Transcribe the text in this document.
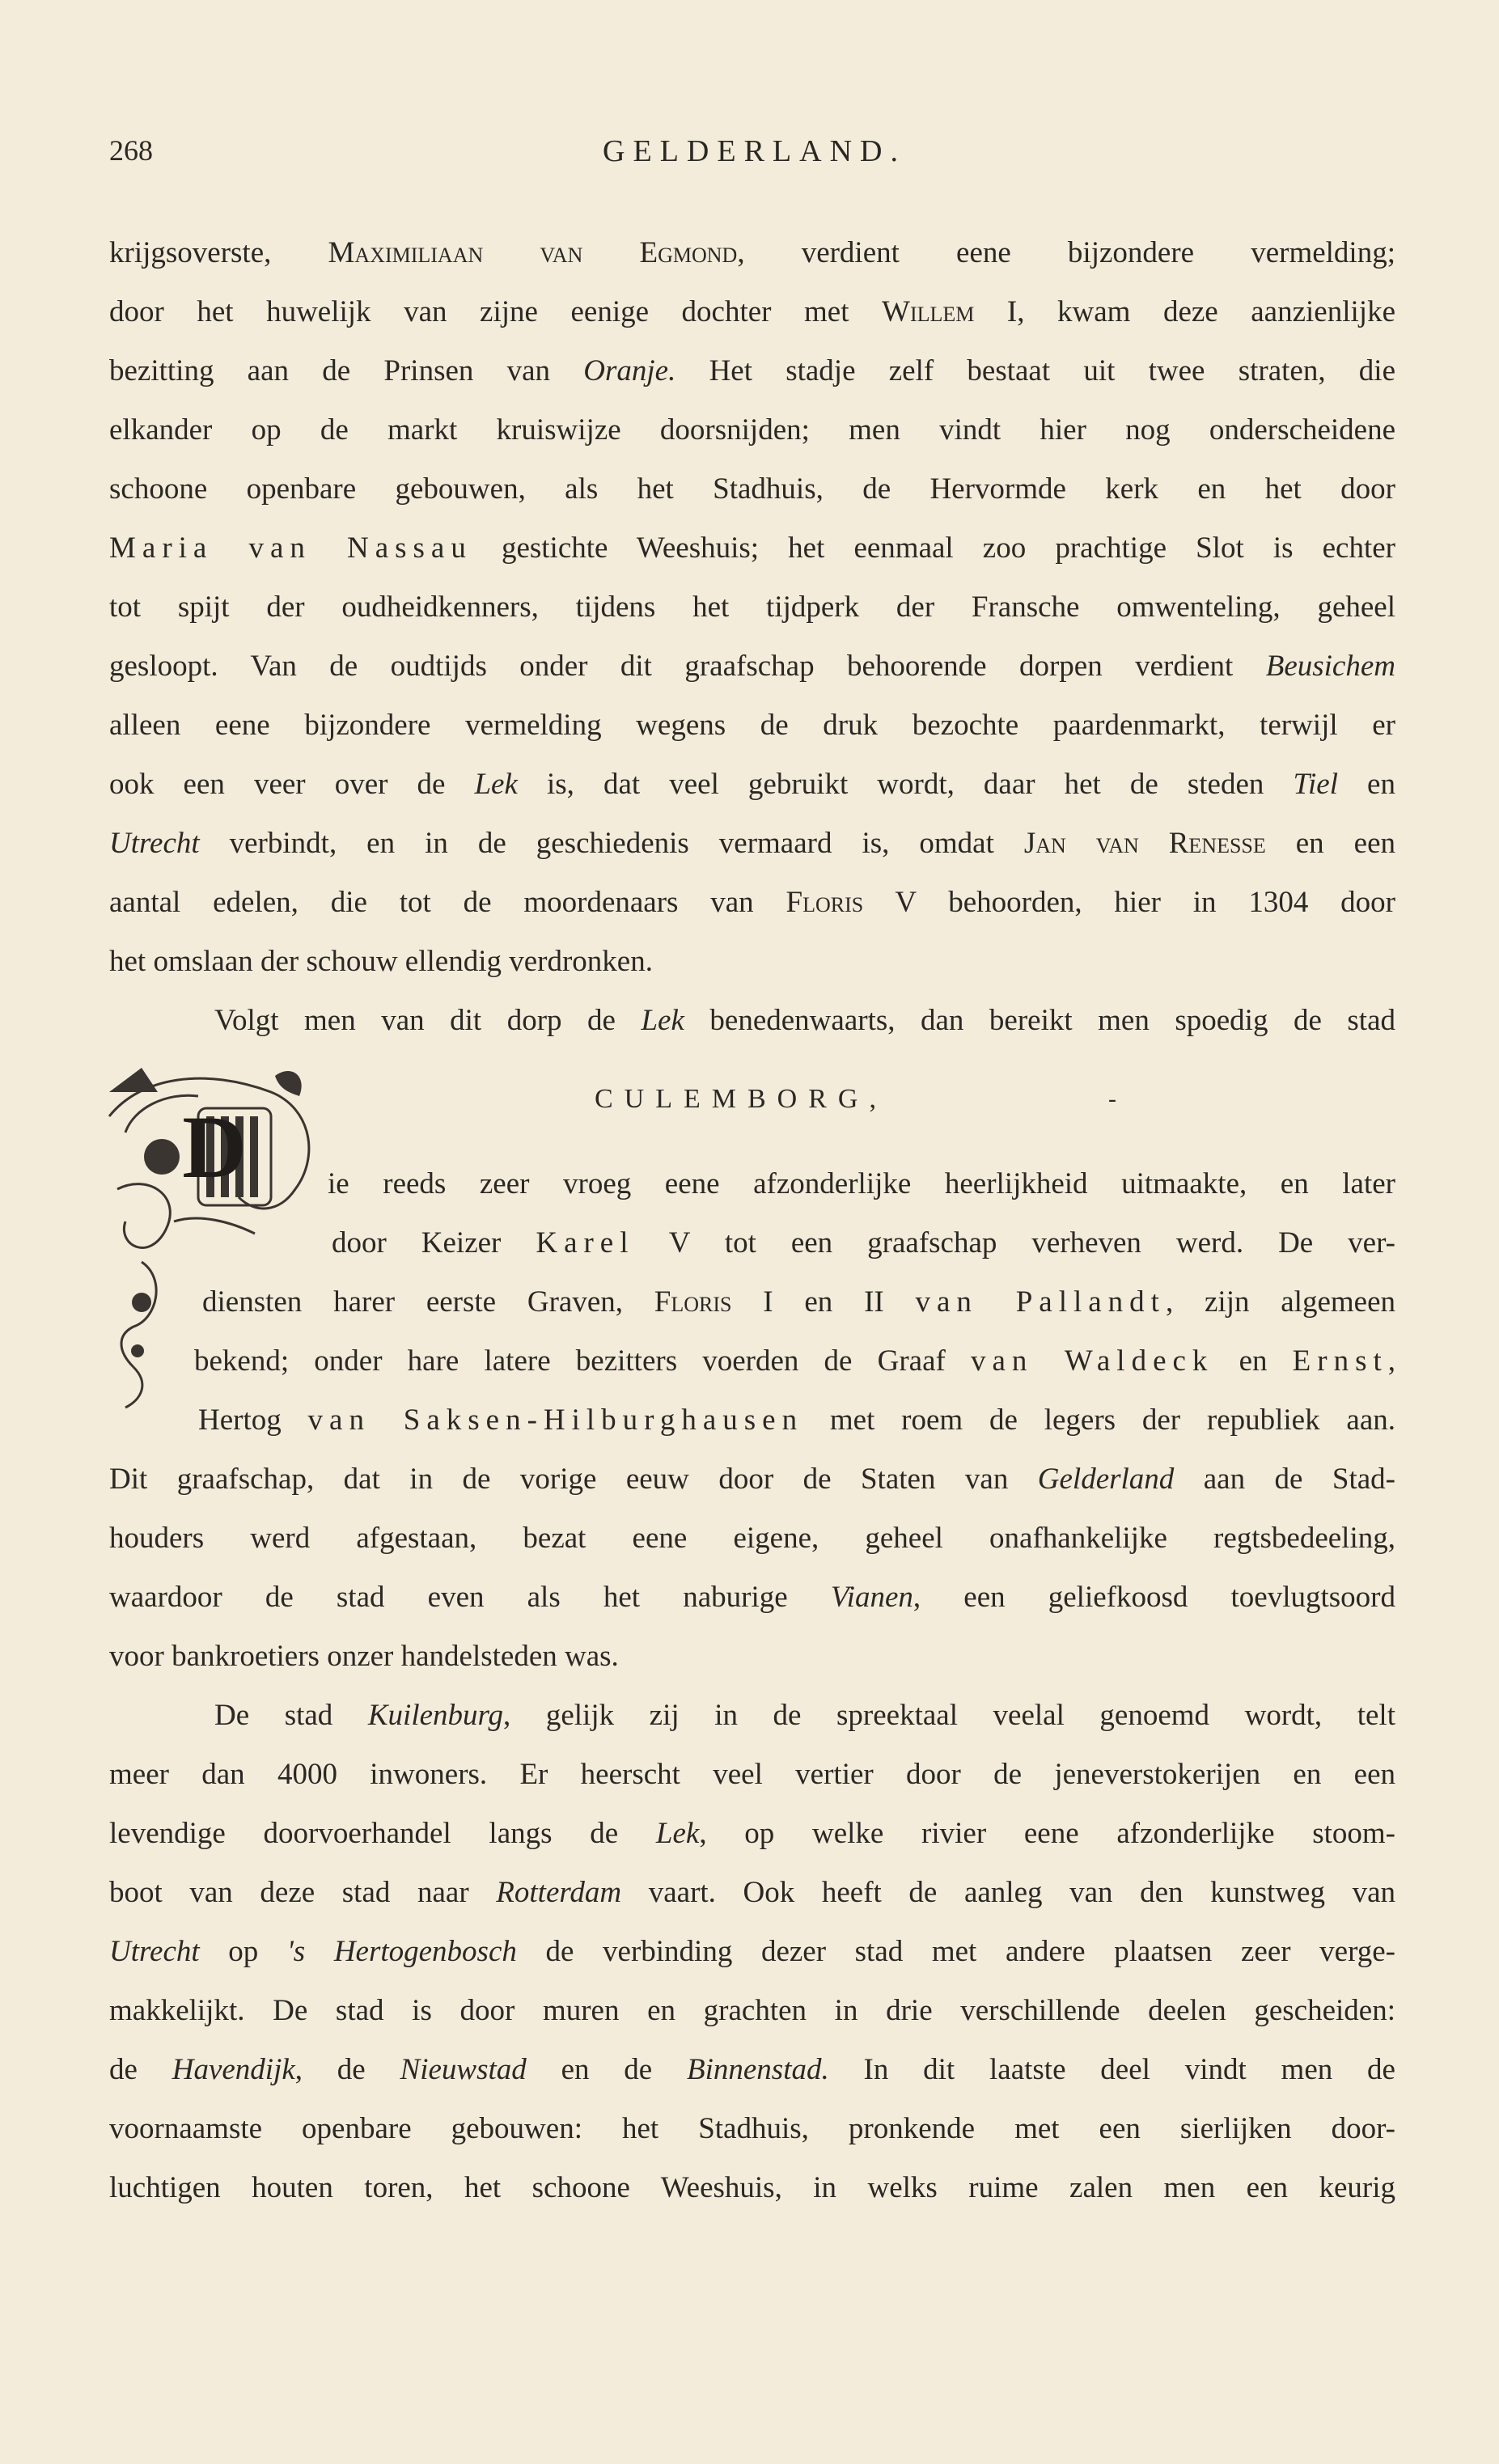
268	GELDERLAND.
krijgsoverste, Maximiliaan van Egmond, verdient eene bijzondere vermelding;
door het huwelijk van zijne eenige dochter met Willem I, kwam deze aanzienlijke
bezitting aan de Prinsen van Oranje. Het stadje zelf bestaat uit twee straten, die
elkander op de markt kruiswijze doorsnijden; men vindt hier nog onderscheidene
schoone openbare gebouwen, als het Stadhuis, de Hervormde kerk en het door
Maria van Nassau gestichte Weeshuis; het eenmaal zoo prachtige Slot is echter
tot spijt der oudheidkenners, tijdens het tijdperk der Fransche omwenteling, geheel
gesloopt. Van de oudtijds onder dit graafschap behoorende dorpen verdient Beusichem
alleen eene bijzondere vermelding wegens de druk bezochte paardenmarkt, terwijl er
ook een veer over de Lek is, dat veel gebruikt wordt, daar het de steden Tiel en
Utrecht verbindt, en in de geschiedenis vermaard is, omdat Jan van Renesse en een
aantal edelen, die tot de moordenaars van Floris V behoorden, hier in 1304 door
het omslaan der schouw ellendig verdronken.
Volgt men van dit dorp de Lek benedenwaarts, dan bereikt men spoedig de stad
CULEMBORG,	-
D	ie reeds zeer vroeg eene afzonderlijke heerlijkheid uitmaakte, en later
door Keizer Karel V tot een graafschap verheven werd. De ver-
diensten harer eerste Graven, Floris I en II van Pallandt, zijn algemeen
bekend; onder hare latere bezitters voerden de Graaf van Waldeck en Ernst,
Hertog van Saksen-Hilburghausen met roem de legers der republiek aan.
Dit graafschap, dat in de vorige eeuw door de Staten van Gelderland aan de Stad-
houders werd afgestaan, bezat eene eigene, geheel onafhankelijke regtsbedeeling,
waardoor de stad even als het naburige Vianen, een geliefkoosd toevlugtsoord
voor bankroetiers onzer handelsteden was.
De stad Kuilenburg, gelijk zij in de spreektaal veelal genoemd wordt, telt
meer dan 4000 inwoners. Er heerscht veel vertier door de jeneverstokerijen en een
levendige doorvoerhandel langs de Lek, op welke rivier eene afzonderlijke stoom-
boot van deze stad naar Rotterdam vaart. Ook heeft de aanleg van den kunstweg van
Utrecht op 's Hertogenbosch de verbinding dezer stad met andere plaatsen zeer verge-
makkelijkt. De stad is door muren en grachten in drie verschillende deelen gescheiden:
de Havendijk, de Nieuwstad en de Binnenstad. In dit laatste deel vindt men de
voornaamste openbare gebouwen: het Stadhuis, pronkende met een sierlijken door-
luchtigen houten toren, het schoone Weeshuis, in welks ruime zalen men een keurig
